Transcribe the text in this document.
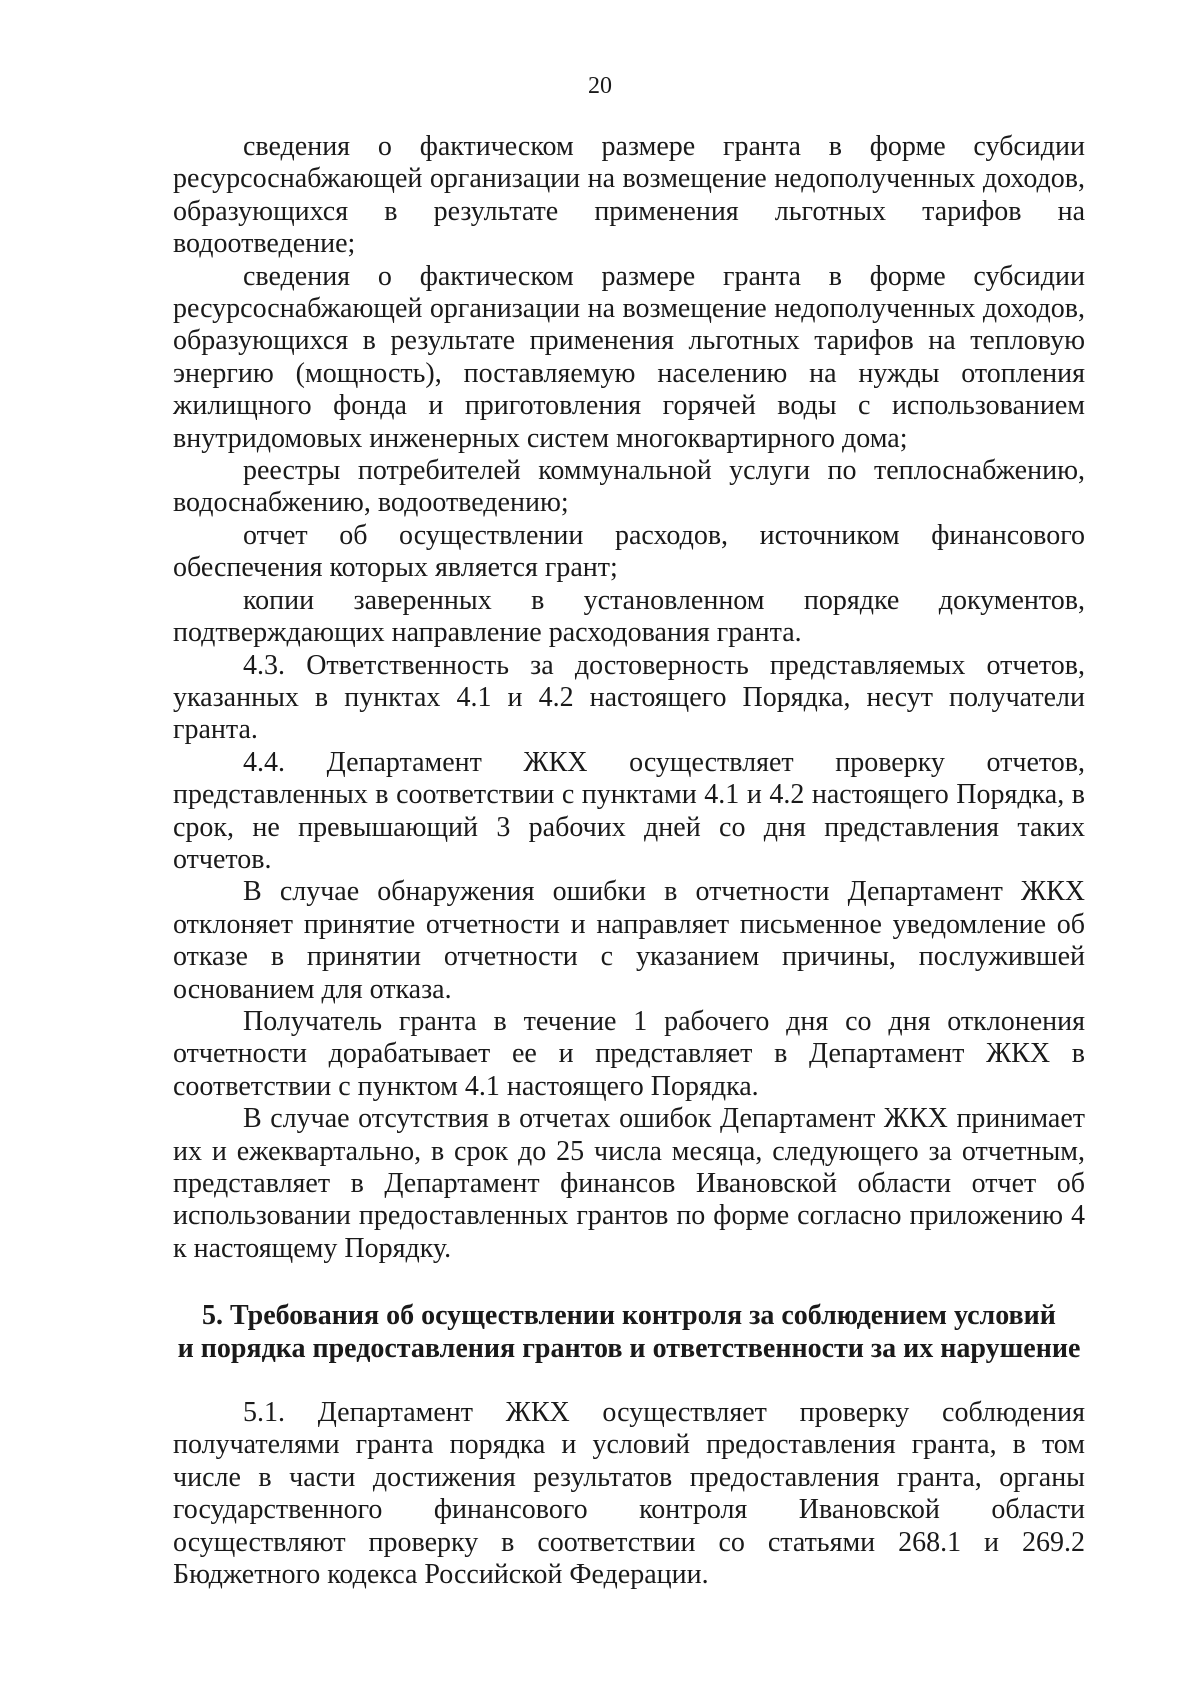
20

сведения о фактическом размере гранта в форме субсидии ресурсоснабжающей организации на возмещение недополученных доходов, образующихся в результате применения льготных тарифов на водоотведение;

сведения о фактическом размере гранта в форме субсидии ресурсоснабжающей организации на возмещение недополученных доходов, образующихся в результате применения льготных тарифов на тепловую энергию (мощность), поставляемую населению на нужды отопления жилищного фонда и приготовления горячей воды с использованием внутридомовых инженерных систем многоквартирного дома;

реестры потребителей коммунальной услуги по теплоснабжению, водоснабжению, водоотведению;

отчет об осуществлении расходов, источником финансового обеспечения которых является грант;

копии заверенных в установленном порядке документов, подтверждающих направление расходования гранта.

4.3. Ответственность за достоверность представляемых отчетов, указанных в пунктах 4.1 и 4.2 настоящего Порядка, несут получатели гранта.

4.4. Департамент ЖКХ осуществляет проверку отчетов, представленных в соответствии с пунктами 4.1 и 4.2 настоящего Порядка, в срок, не превышающий 3 рабочих дней со дня представления таких отчетов.

В случае обнаружения ошибки в отчетности Департамент ЖКХ отклоняет принятие отчетности и направляет письменное уведомление об отказе в принятии отчетности с указанием причины, послужившей основанием для отказа.

Получатель гранта в течение 1 рабочего дня со дня отклонения отчетности дорабатывает ее и представляет в Департамент ЖКХ в соответствии с пунктом 4.1 настоящего Порядка.

В случае отсутствия в отчетах ошибок Департамент ЖКХ принимает их и ежеквартально, в срок до 25 числа месяца, следующего за отчетным, представляет в Департамент финансов Ивановской области отчет об использовании предоставленных грантов по форме согласно приложению 4 к настоящему Порядку.

5. Требования об осуществлении контроля за соблюдением условий
и порядка предоставления грантов и ответственности за их нарушение

5.1. Департамент ЖКХ осуществляет проверку соблюдения получателями гранта порядка и условий предоставления гранта, в том числе в части достижения результатов предоставления гранта, органы государственного финансового контроля Ивановской области осуществляют проверку в соответствии со статьями 268.1 и 269.2 Бюджетного кодекса Российской Федерации.
